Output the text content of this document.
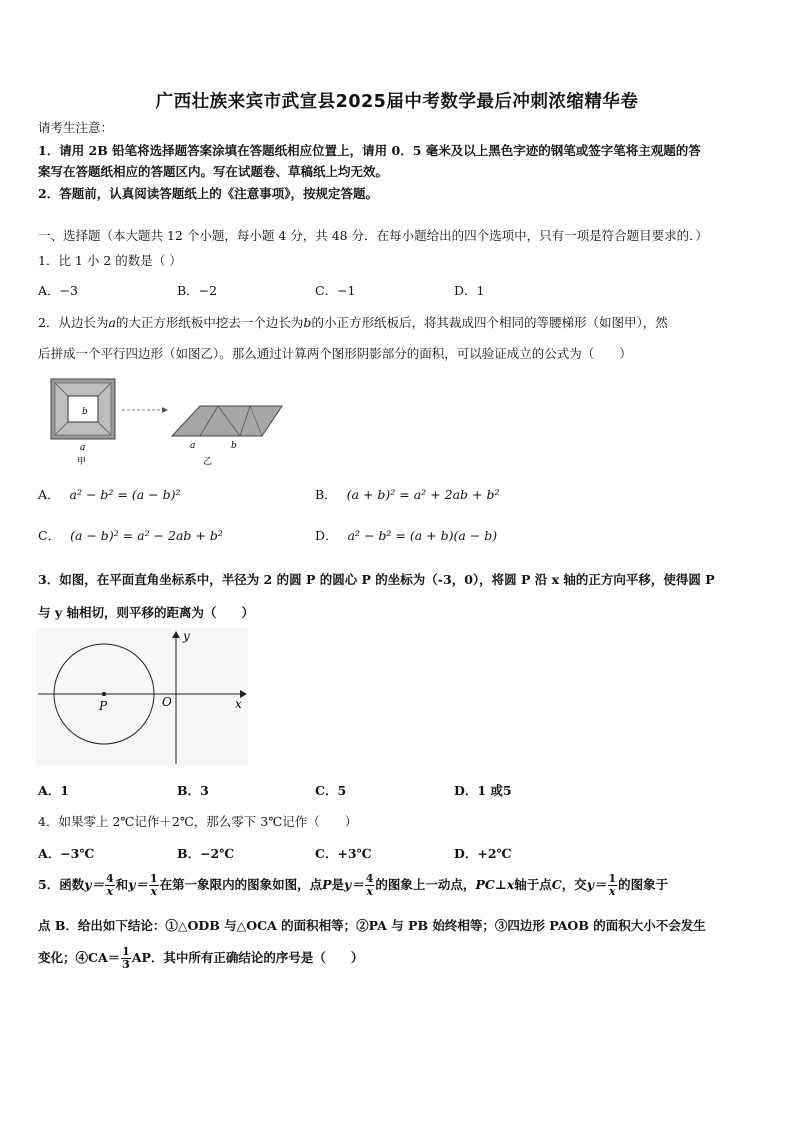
广西壮族来宾市武宣县2025届中考数学最后冲刺浓缩精华卷
请考生注意：
1．请用 2B 铅笔将选择题答案涂填在答题纸相应位置上，请用 0．5 毫米及以上黑色字迹的钢笔或签字笔将主观题的答
案写在答题纸相应的答题区内。写在试题卷、草稿纸上均无效。
2．答题前，认真阅读答题纸上的《注意事项》，按规定答题。
一、选择题（本大题共 12 个小题，每小题 4 分，共 48 分．在每小题给出的四个选项中，只有一项是符合题目要求的．）
1．比 1 小 2 的数是（ ）
A．−3	B．−2	C．−1	D．1
2．从边长为a的大正方形纸板中挖去一个边长为b的小正方形纸板后，将其裁成四个相同的等腰梯形（如图甲），然
后拼成一个平行四边形（如图乙）。那么通过计算两个图形阴影部分的面积，可以验证成立的公式为（　　）
b
a
甲
a	b
乙
A． a² − b² = (a − b)²	B． (a + b)² = a² + 2ab + b²
C． (a − b)² = a² − 2ab + b²	D． a² − b² = (a + b)(a − b)
3．如图，在平面直角坐标系中，半径为 2 的圆 P 的圆心 P 的坐标为（-3，0），将圆 P 沿 x 轴的正方向平移，使得圆 P
与 y 轴相切，则平移的距离为（　　）
P	O	x
y
A．1	B．3	C．5	D．1 或5
4．如果零上 2℃记作＋2℃，那么零下 3℃记作（　　）
A．−3℃	B．−2℃	C．+3℃	D．+2℃
5．函数$y= \frac{4}{x}$ 和$y= \frac{1}{x}$ 在第一象限内的图象如图，点P是$y= \frac{4}{x}$ 的图象上一动点，PC⊥x轴于点C，交$y= \frac{1}{x}$ 的图象于
点 B．给出如下结论：①△ODB 与△OCA 的面积相等；②PA 与 PB 始终相等；③四边形 PAOB 的面积大小不会发生
变化；④CA＝ $\frac{1}{3}$ AP．其中所有正确结论的序号是（　　）
